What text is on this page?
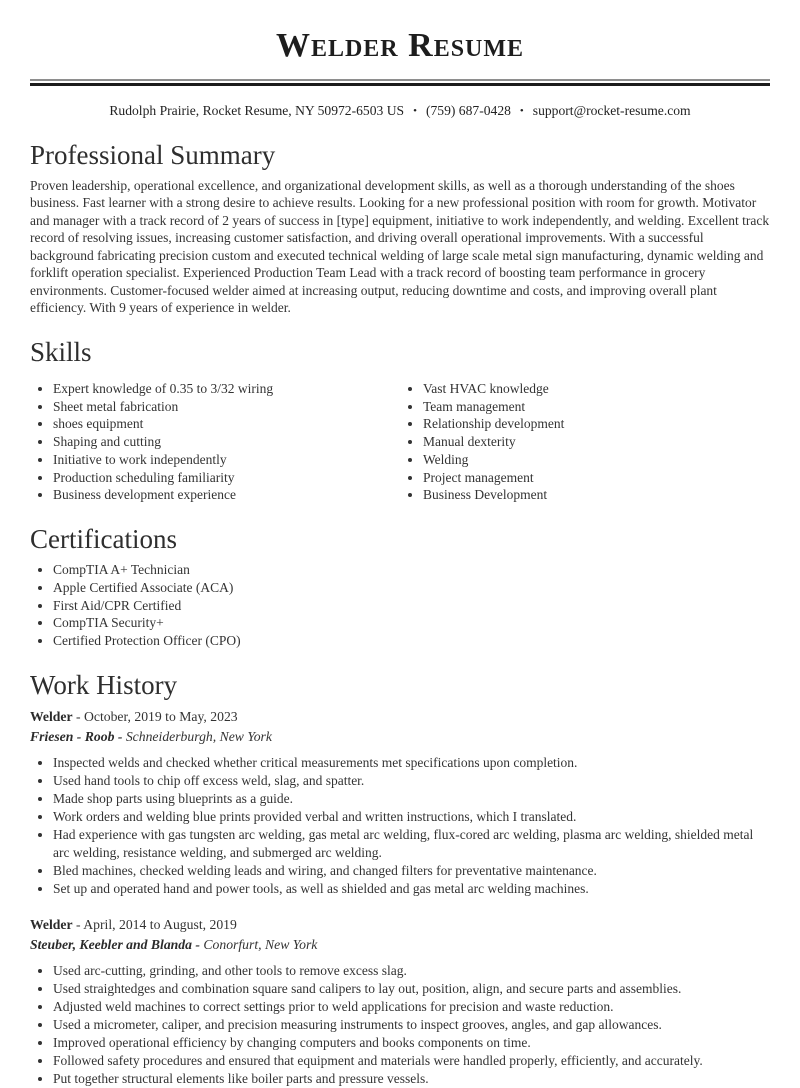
Welder Resume
Rudolph Prairie, Rocket Resume, NY 50972-6503 US • (759) 687-0428 • support@rocket-resume.com
Professional Summary

Proven leadership, operational excellence, and organizational development skills, as well as a thorough understanding of the shoes business. Fast learner with a strong desire to achieve results. Looking for a new professional position with room for growth. Motivator and manager with a track record of 2 years of success in [type] equipment, initiative to work independently, and welding. Excellent track record of resolving issues, increasing customer satisfaction, and driving overall operational improvements. With a successful background fabricating precision custom and executed technical welding of large scale metal sign manufacturing, dynamic welding and forklift operation specialist. Experienced Production Team Lead with a track record of boosting team performance in grocery environments. Customer-focused welder aimed at increasing output, reducing downtime and costs, and improving overall plant efficiency. With 9 years of experience in welder.

Skills
• Expert knowledge of 0.35 to 3/32 wiring
• Sheet metal fabrication
• shoes equipment
• Shaping and cutting
• Initiative to work independently
• Production scheduling familiarity
• Business development experience
• Vast HVAC knowledge
• Team management
• Relationship development
• Manual dexterity
• Welding
• Project management
• Business Development
Certifications
• CompTIA A+ Technician
• Apple Certified Associate (ACA)
• First Aid/CPR Certified
• CompTIA Security+
• Certified Protection Officer (CPO)
Work History
Welder - October, 2019 to May, 2023
Friesen - Roob - Schneiderburgh, New York
• Inspected welds and checked whether critical measurements met specifications upon completion.
• Used hand tools to chip off excess weld, slag, and spatter.
• Made shop parts using blueprints as a guide.
• Work orders and welding blue prints provided verbal and written instructions, which I translated.
• Had experience with gas tungsten arc welding, gas metal arc welding, flux-cored arc welding, plasma arc welding, shielded metal arc welding, resistance welding, and submerged arc welding.
• Bled machines, checked welding leads and wiring, and changed filters for preventative maintenance.
• Set up and operated hand and power tools, as well as shielded and gas metal arc welding machines.
Welder - April, 2014 to August, 2019
Steuber, Keebler and Blanda - Conorfurt, New York
• Used arc-cutting, grinding, and other tools to remove excess slag.
• Used straightedges and combination square sand calipers to lay out, position, align, and secure parts and assemblies.
• Adjusted weld machines to correct settings prior to weld applications for precision and waste reduction.
• Used a micrometer, caliper, and precision measuring instruments to inspect grooves, angles, and gap allowances.
• Improved operational efficiency by changing computers and books components on time.
• Followed safety procedures and ensured that equipment and materials were handled properly, efficiently, and accurately.
• Put together structural elements like boiler parts and pressure vessels.
